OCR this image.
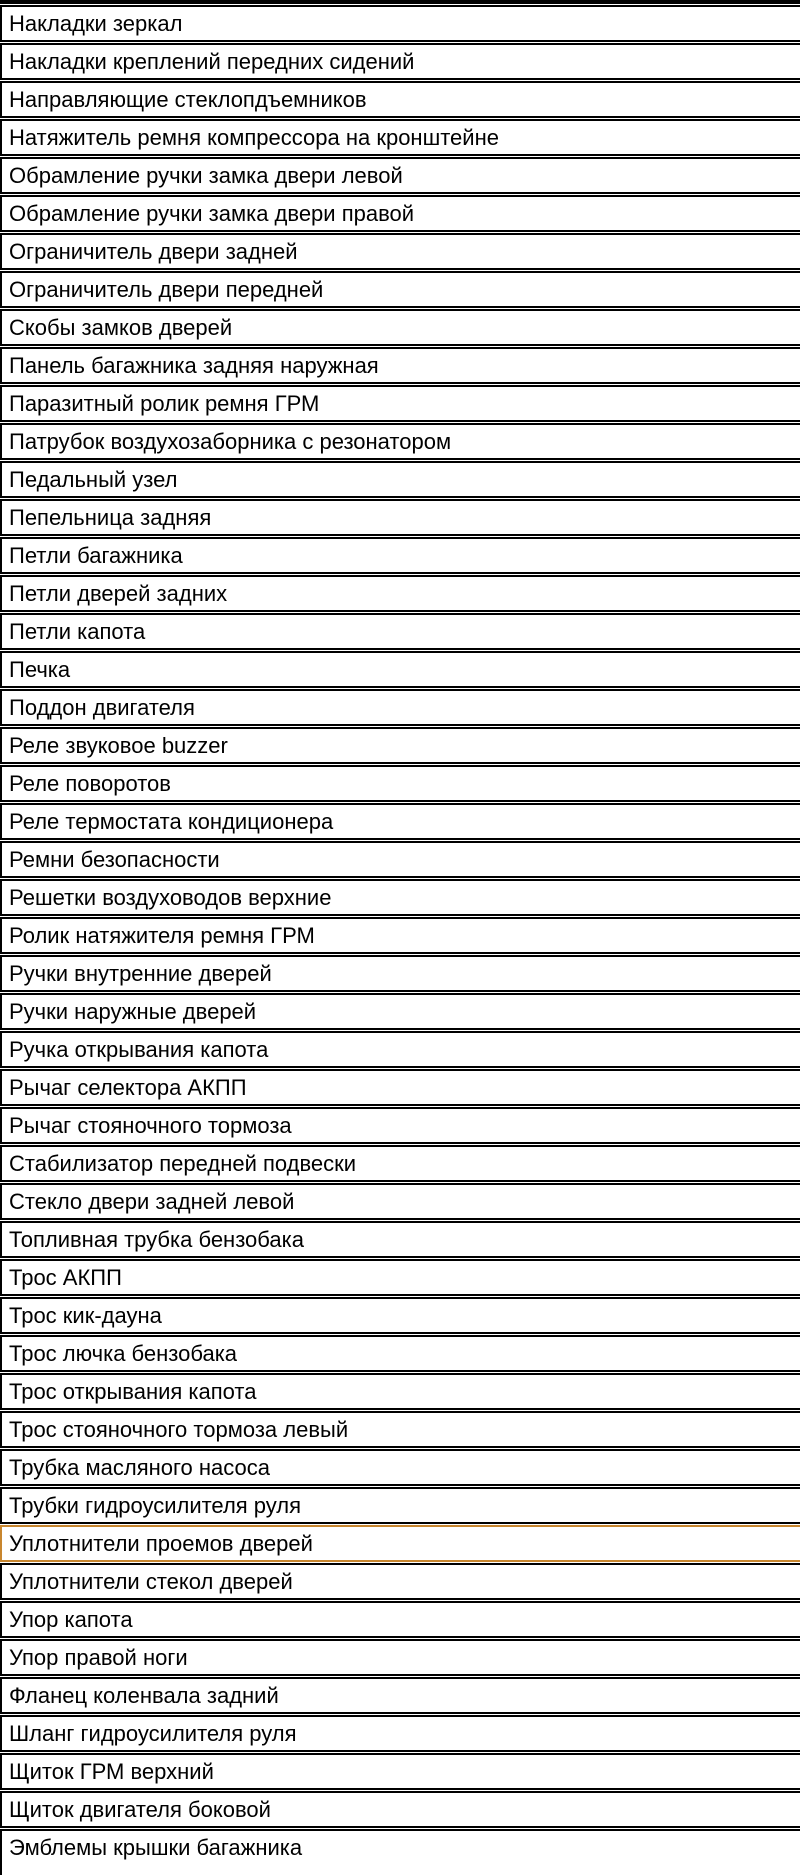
Накладки зеркал
Накладки креплений передних сидений
Направляющие стеклопдъемников
Натяжитель ремня компрессора на кронштейне
Обрамление ручки замка двери левой
Обрамление ручки замка двери правой
Ограничитель двери задней
Ограничитель двери передней
Скобы замков дверей
Панель багажника задняя наружная
Паразитный ролик ремня ГРМ
Патрубок воздухозаборника с резонатором
Педальный узел
Пепельница задняя
Петли багажника
Петли дверей задних
Петли капота
Печка
Поддон двигателя
Реле звуковое buzzer
Реле поворотов
Реле термостата кондиционера
Ремни безопасности
Решетки воздуховодов верхние
Ролик натяжителя ремня ГРМ
Ручки внутренние дверей
Ручки наружные дверей
Ручка открывания капота
Рычаг селектора АКПП
Рычаг стояночного тормоза
Стабилизатор передней подвески
Стекло двери задней левой
Топливная трубка бензобака
Трос АКПП
Трос кик-дауна
Трос лючка бензобака
Трос открывания капота
Трос стояночного тормоза левый
Трубка масляного насоса
Трубки гидроусилителя руля
Уплотнители проемов дверей
Уплотнители стекол дверей
Упор капота
Упор правой ноги
Фланец коленвала задний
Шланг гидроусилителя руля
Щиток ГРМ верхний
Щиток двигателя боковой
Эмблемы крышки багажника
